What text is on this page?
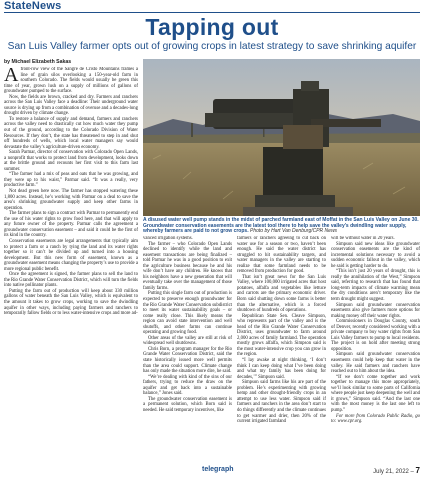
StateNews
Tapping out
San Luis Valley farmer opts out of growing crops in latest strategy to save shrinking aquifer
by Michael Elizabeth Sakas
A front-row view of the Sangre de Cristo Mountains frames a line of grain silos overlooking a 150-year-old farm in southern Colorado. The fields would usually be green this time of year, grown lush on a supply of millions of gallons of groundwater pumped to the surface.

Now, the fields are brown, cracked and dry. Farmers and ranchers across the San Luis Valley face a deadline: Their underground water source is drying up from a combination of overuse and a decades-long drought driven by climate change.

To restore a balance of supply and demand, farmers and ranchers across the valley need to drastically cut how much water they pump out of the ground, according to the Colorado Division of Water Resources. If they don’t, the state has threatened to step in and shut off hundreds of wells, which local water managers say would devastate the valley’s agriculture-driven economy.

Sarah Parmar, director of conservation with Colorado Open Lands, a nonprofit that works to protect land from development, looks down at the brittle ground and recounts her first visit to this farm last summer.

“The farmer had a mix of peas and oats that he was growing, and they were up to his waist,” Parmar said. “It was a really, very productive farm.”

Not dead green here now. The farmer has stopped watering these 1,800 acres. Instead, he’s working with Parmar on a deal to save the area’s shrinking groundwater supply and keep other farms in operation.

The farmer plans to sign a contract with Parmar to permanently end the use of his water rights to grow food here, and that will apply to any future owner of the property. Parmar calls the agreement a groundwater conservation easement – and said it could be the first of its kind in the country.

Conservation easements are legal arrangements that typically aim to protect a farm or a ranch by tying the land and its water rights together so it can’t be divided up and turned into a housing development. But this new form of easement, known as a groundwater easement means changing the property’s use to provide a more regional public benefit.

Once the agreement is signed, the farmer plans to sell the land to the Rio Grande Water Conservation District, which will turn the fields into native pollinator plants.

Putting the farm out of production will keep about 330 million gallons of water beneath the San Luis Valley, which is equivalent to the amount it takes to grow crops, working to save the dwindling aquifer in other ways, including paying farmers and ranchers to temporarily fallow fields or to less water-intensive crops and more ad-

A disused water well pump stands in the midst of parched farmland east of Moffat in the San Luis Valley on June 30. Groundwater conservation easements are the latest tool there to help save the valley’s dwindling water supply, whereby farmers are paid to not grow crops. Photo by Hart Van Denburg/CPR News

vanced irrigation systems.

The farmer – who Colorado Open Lands declined to identify while the land and easement transactions are being finalized – told Parmar he was in a good position to exit the agriculture business because he and his wife don’t have any children. He knows that his neighbors have a new generation that will eventually take over the management of those family farms.

Putting this single farm out of production is expected to preserve enough groundwater for the Rio Grande Water Conservation subdistrict to meet its water sustainability goals – or come really close. This likely means the region can avoid state intervention and well shutoffs, and other farms can continue operating and growing food.

Other areas of the valley are still at risk of widespread well shutdowns.

Chris Born, a program manager for the Rio Grande Water Conservation District, said the state historically issued more well permits than the area could support. Climate change has only made the situation more dire, he said.

“We’re dealing with kind of the sins of our fathers, trying to reduce the draw on the aquifer and get back into a sustainable balance,” Jones said.

The groundwater conservation easement is a permanent solution, which Born said is needed. He said temporary incentives, like

farmers or ranchers agreeing to cut back on water use for a season or two, haven’t been enough. He said the water district has struggled to hit sustainability targets, and water managers in the valley are starting to realize that some farmland needs to be removed from production for good.

That isn’t great news for the San Luis Valley, where 100,000 irrigated acres that host potatoes, alfalfa and vegetables like lettuce and carrots are the primary economic driver. Born said shutting down some farms is better than the alternative, which is a forced shutdown of hundreds of operations.

Republican State Sen. Cleave Simpson, who represents part of the valley and is the head of the Rio Grande Water Conservation District, uses groundwater to farm around 2,000 acres of family farmland. The operation mostly grows alfalfa, which Simpson said is the most water-intensive crop you can grow in the region.

“I lay awake at night thinking, ‘I don’t think I can keep doing what I’ve been doing and what my family has been doing for decades,’” Simpson said.

Simpson said farms like his are part of the problem. He’s experimenting with growing hemp and other drought-friendly crops in an attempt to use less water. Simpson said if farmers and ranchers in the area don’t start to do things differently and the climate continues to get warmer and drier, then 20% of the current irrigated farmland

will be without water in 20 years.

Simpson said new ideas like groundwater conservation easements are the kind of incremental solutions necessary to avoid a sudden economic fallout in the valley, which he said is getting harder to do.

“This isn’t just 20 years of drought, this is really the annihilation of the West,” Simpson said, referring to research that has found that long-term impacts of climate warming mean the dry conditions aren’t temporary like the term drought might suggest.

Simpson said groundwater conservation easements also give farmers more options for making money off their water rights.

Commissioners in Douglas County, south of Denver, recently considered working with a private company to buy water rights from San Luis Valley farmers to pump to local residents. The project is on hold after meeting strong opposition.

Simpson said groundwater conservation easements could help keep that water in the valley. He said farmers and ranchers have reached out to him about the idea.

“If we don’t come together and work together to manage this more appropriately, we’ll look similar to some parts of California where people just keep deepening the well and it grows,” Simpson said. “And the last one with the most money is the last one left to pump.”

For more from Colorado Public Radio, go to: www.cpr.org.

telegraph	July 21, 2022 – 7
